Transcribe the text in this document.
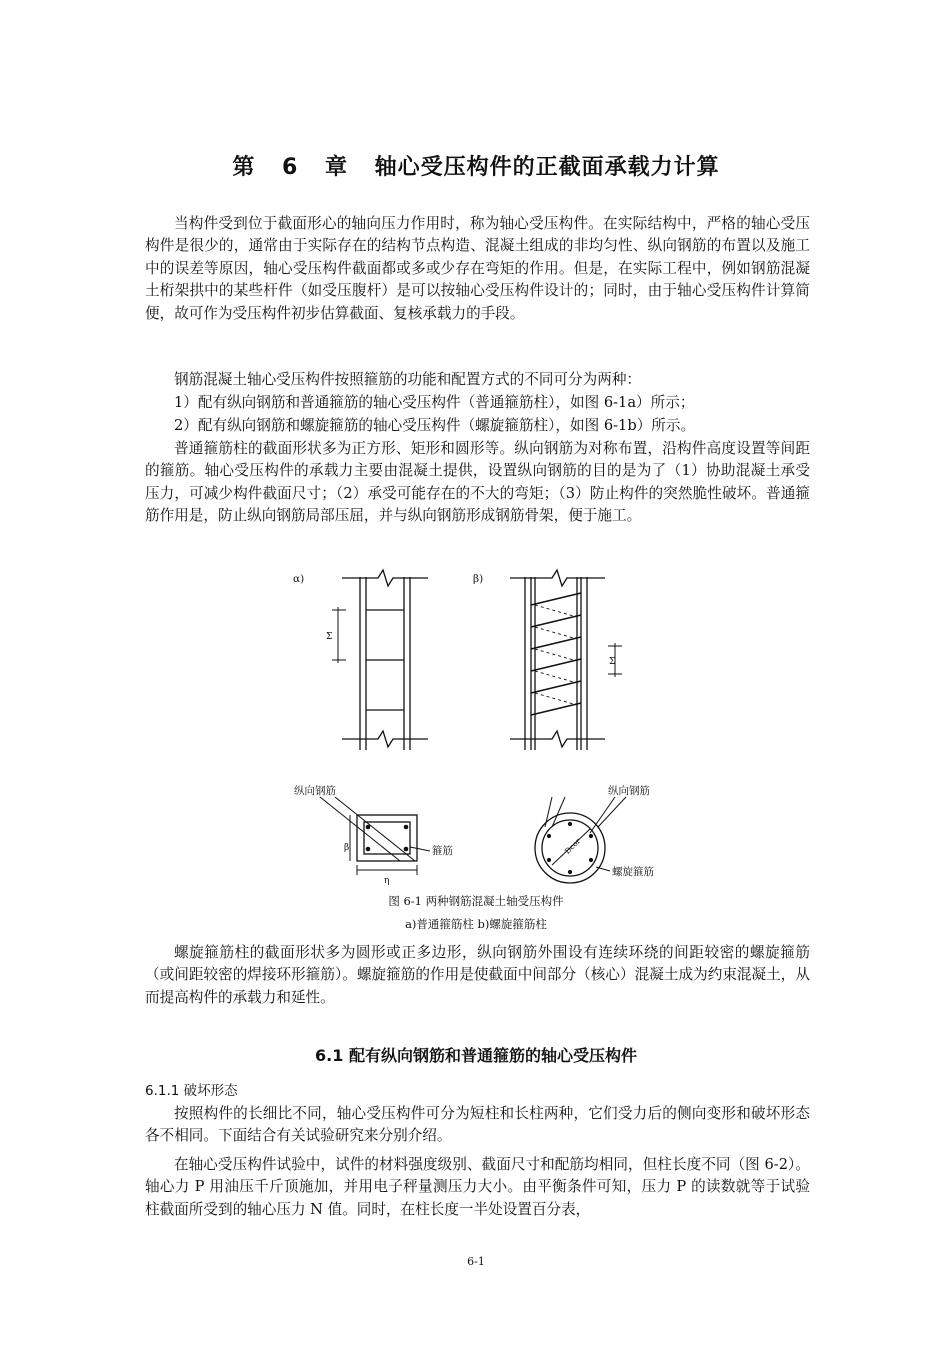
第 6 章 轴心受压构件的正截面承载力计算

当构件受到位于截面形心的轴向压力作用时，称为轴心受压构件。在实际结构中，严格的轴心受压构件是很少的，通常由于实际存在的结构节点构造、混凝土组成的非均匀性、纵向钢筋的布置以及施工中的误差等原因，轴心受压构件截面都或多或少存在弯矩的作用。但是，在实际工程中，例如钢筋混凝土桁架拱中的某些杆件（如受压腹杆）是可以按轴心受压构件设计的；同时，由于轴心受压构件计算简便，故可作为受压构件初步估算截面、复核承载力的手段。

钢筋混凝土轴心受压构件按照箍筋的功能和配置方式的不同可分为两种：

1）配有纵向钢筋和普通箍筋的轴心受压构件（普通箍筋柱），如图 6-1a）所示；

2）配有纵向钢筋和螺旋箍筋的轴心受压构件（螺旋箍筋柱），如图 6-1b）所示。

普通箍筋柱的截面形状多为正方形、矩形和圆形等。纵向钢筋为对称布置，沿构件高度设置等间距的箍筋。轴心受压构件的承载力主要由混凝土提供，设置纵向钢筋的目的是为了（1）协助混凝土承受压力，可减少构件截面尺寸；（2）承受可能存在的不大的弯矩；（3）防止构件的突然脆性破坏。普通箍筋作用是，防止纵向钢筋局部压屈，并与纵向钢筋形成钢筋骨架，便于施工。

α)	β)
Σ
Σ
纵向钢筋	纵向钢筋
箍筋
螺旋箍筋
β
η
Dcor
图 6-1 两种钢筋混凝土轴受压构件
a)普通箍筋柱 b)螺旋箍筋柱

螺旋箍筋柱的截面形状多为圆形或正多边形，纵向钢筋外围设有连续环绕的间距较密的螺旋箍筋（或间距较密的焊接环形箍筋）。螺旋箍筋的作用是使截面中间部分（核心）混凝土成为约束混凝土，从而提高构件的承载力和延性。

6.1 配有纵向钢筋和普通箍筋的轴心受压构件
6.1.1 破坏形态

按照构件的长细比不同，轴心受压构件可分为短柱和长柱两种，它们受力后的侧向变形和破坏形态各不相同。下面结合有关试验研究来分别介绍。

在轴心受压构件试验中，试件的材料强度级别、截面尺寸和配筋均相同，但柱长度不同（图 6-2）。轴心力 P 用油压千斤顶施加，并用电子秤量测压力大小。由平衡条件可知，压力 P 的读数就等于试验柱截面所受到的轴心压力 N 值。同时，在柱长度一半处设置百分表，

6-1
